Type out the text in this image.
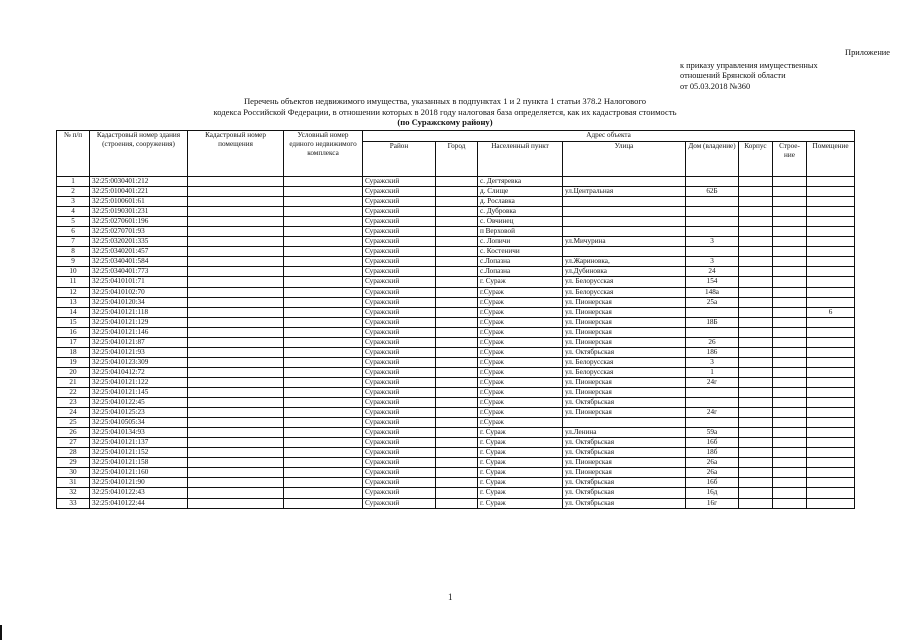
Приложение
к приказу управления имущественных
отношений Брянской области
от 05.03.2018 №360
Перечень объектов недвижимого имущества, указанных в подпунктах 1 и 2 пункта 1 статьи 378.2 Налогового
кодекса Российской Федерации, в отношении которых в 2018 году налоговая база определяется, как их кадастровая стоимость
(по Суражскому району)
№ п/п	Кадастровый номер здания (строения, сооружения)	Кадастровый номер помещения	Условный номер единого недвижимого комплекса	Адрес объекта							
				Район	Город	Населенный пункт	Улица	Дом (владение)	Корпус	Строе- ние	Помещение
1	32:25:0030401:212			Суражский		с. Дегтяревка					
2	32:25:0100401:221			Суражский		д. Слище	ул.Центральная	62Б			
3	32:25:0100601:61			Суражский		д. Рославка					
4	32:25:0190301:231			Суражский		с. Дубровка					
5	32:25:0270601:196			Суражский		с. Овчинец					
6	32:25:0270701:93			Суражский		п Верховой					
7	32:25:0320201:335			Суражский		с. Лопичи	ул.Мичурина	3			
8	32:25:0340201:457			Суражский		с. Костеничи					
9	32:25:0340401:584			Суражский		с.Лопазна	ул.Жариновка,	3			
10	32:25:0340401:773			Суражский		с.Лопазна	ул.Дубиновка	24			
11	32:25:0410101:71			Суражский		г. Сураж	ул. Белорусская	154			
12	32:25:0410102:70			Суражский		г.Сураж	ул. Белорусская	148а			
13	32:25:0410120:34			Суражский		г.Сураж	ул. Пионерская	25а			
14	32:25:0410121:118			Суражский		г.Сураж	ул. Пионерская				6
15	32:25:0410121:129			Суражский		г.Сураж	ул. Пионерская	18Б			
16	32:25:0410121:146			Суражский		г.Сураж	ул. Пионерская				
17	32:25:0410121:87			Суражский		г.Сураж	ул. Пионерская	26			
18	32:25:0410121:93			Суражский		г.Сураж	ул. Октябрьская	186			
19	32:25:0410123:309			Суражский		г.Сураж	ул. Белорусская	3			
20	32:25:0410412:72			Суражский		г.Сураж	ул. Белорусская	1			
21	32:25:0410121:122			Суражский		г.Сураж	ул. Пионерская	24г			
22	32:25:0410121:145			Суражский		г.Сураж	ул. Пионерская				
23	32:25:0410122:45			Суражский		г.Сураж	ул. Октябрьская				
24	32:25:0410125:23			Суражский		г.Сураж	ул. Пионерская	24г			
25	32:25:0410505:34			Суражский		г.Сураж					
26	32:25:0410134:93			Суражский		г. Сураж	ул.Ленина	59а			
27	32:25:0410121:137			Суражский		г. Сураж	ул. Октябрьская	16б			
28	32:25:0410121:152			Суражский		г. Сураж	ул. Октябрьская	18б			
29	32:25:0410121:158			Суражский		г. Сураж	ул. Пионерская	26а			
30	32:25:0410121:160			Суражский		г. Сураж	ул. Пионерская	26а			
31	32:25:0410121:90			Суражский		г. Сураж	ул. Октябрьская	16б			
32	32:25:0410122:43			Суражский		г. Сураж	ул. Октябрьская	16д			
33	32:25:0410122:44			Суражский		г. Сураж	ул. Октябрьская	16г			
1
